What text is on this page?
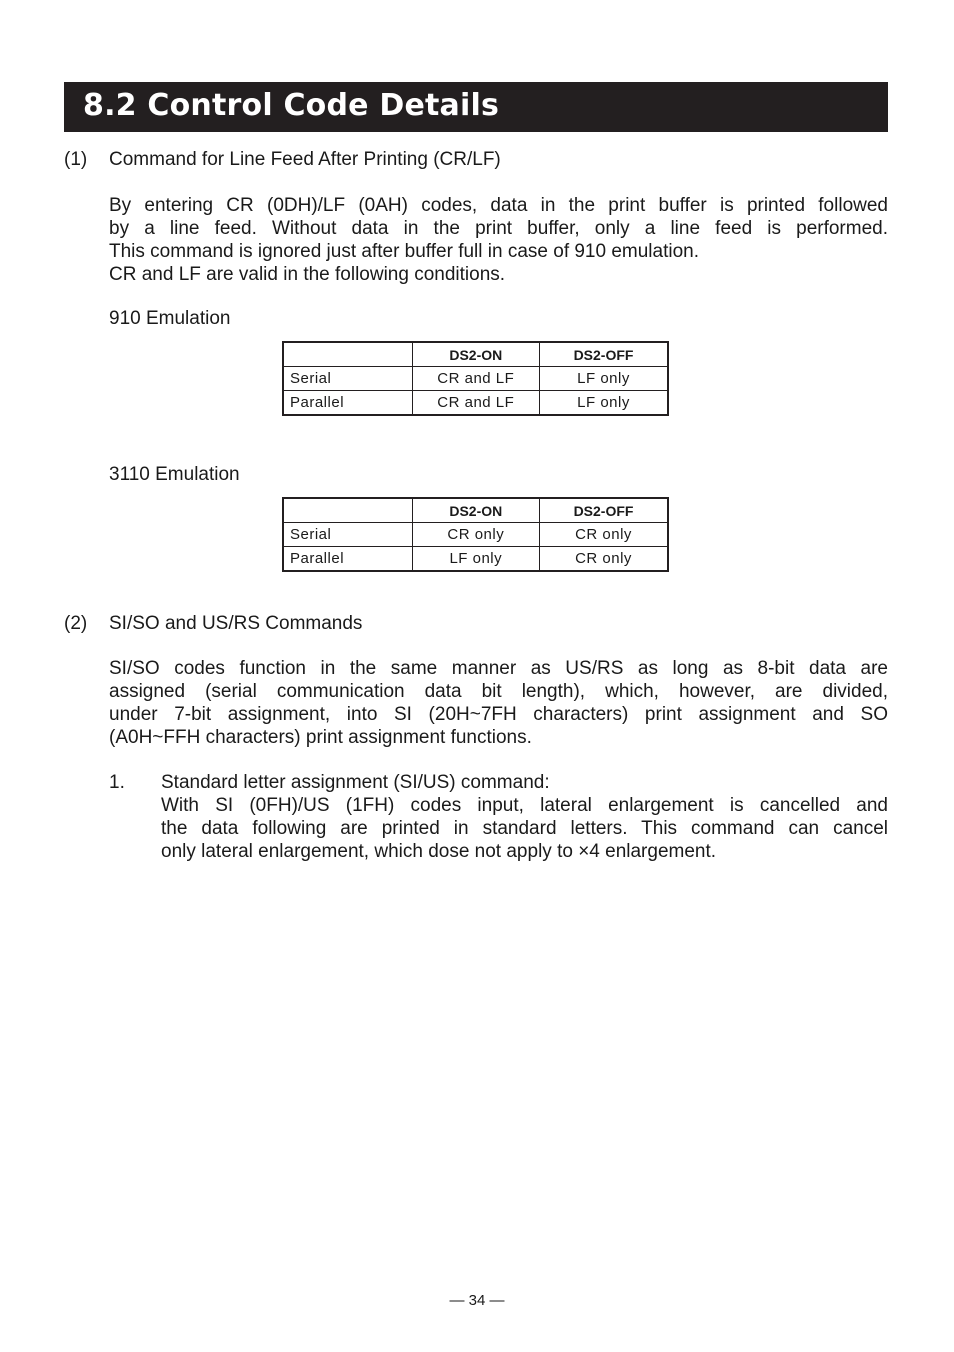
8.2 Control Code Details
(1) Command for Line Feed After Printing (CR/LF)
By entering CR (0DH)/LF (0AH) codes, data in the print buffer is printed followed
by a line feed. Without data in the print buffer, only a line feed is performed.
This command is ignored just after buffer full in case of 910 emulation.
CR and LF are valid in the following conditions.
910 Emulation
	DS2-ON	DS2-OFF
Serial	CR and LF	LF only
Parallel	CR and LF	LF only
3110 Emulation
	DS2-ON	DS2-OFF
Serial	CR only	CR only
Parallel	LF only	CR only
(2) SI/SO and US/RS Commands
SI/SO codes function in the same manner as US/RS as long as 8-bit data are
assigned (serial communication data bit length), which, however, are divided,
under 7-bit assignment, into SI (20H~7FH characters) print assignment and SO
(A0H~FFH characters) print assignment functions.
1. Standard letter assignment (SI/US) command:
With SI (0FH)/US (1FH) codes input, lateral enlargement is cancelled and
the data following are printed in standard letters. This command can cancel
only lateral enlargement, which dose not apply to ×4 enlargement.
— 34 —
